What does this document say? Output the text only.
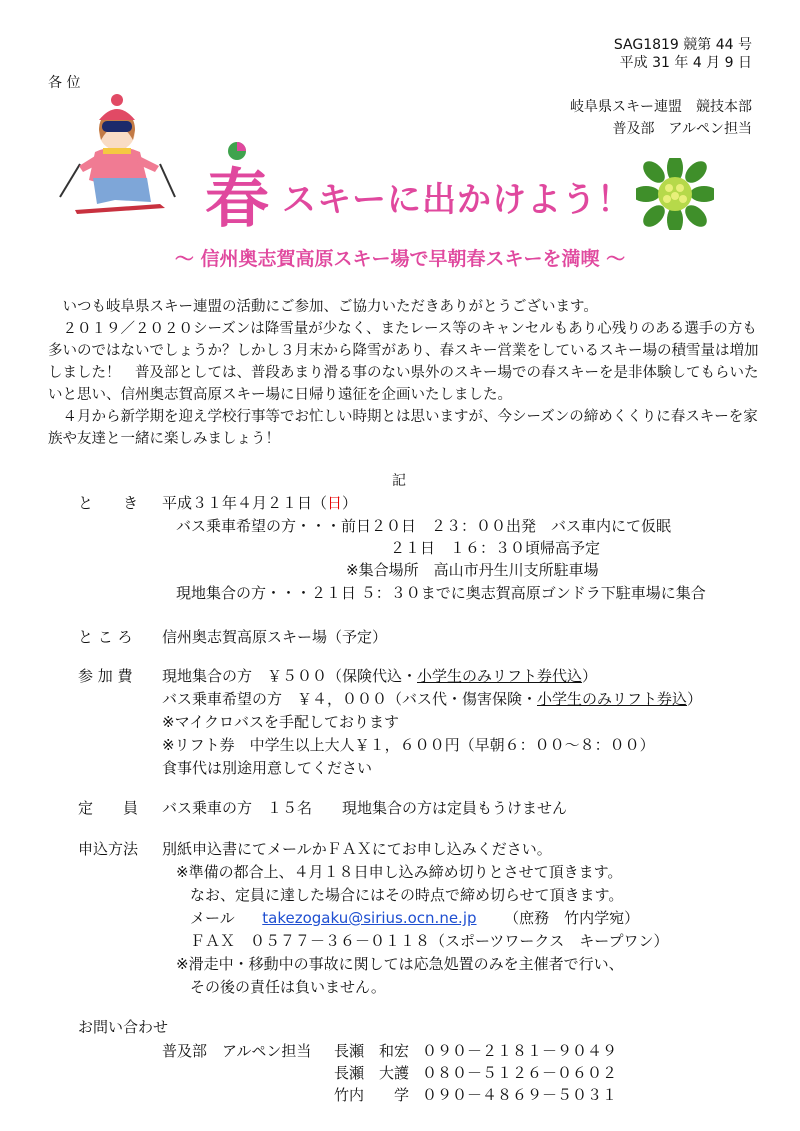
SAG1819 競第 44 号
平成 31 年 4 月 9 日
各 位
岐阜県スキー連盟　競技本部
普及部　アルペン担当
春 スキーに出かけよう！
～ 信州奥志賀高原スキー場で早朝春スキーを満喫 ～
　いつも岐阜県スキー連盟の活動にご参加、ご協力いただきありがとうございます。
　２０１９／２０２０シーズンは降雪量が少なく、またレース等のキャンセルもあり心残りのある選手の方も多いのではないでしょうか？しかし３月末から降雪があり、春スキー営業をしているスキー場の積雪量は増加しました！　普及部としては、普段あまり滑る事のない県外のスキー場での春スキーを是非体験してもらいたいと思い、信州奥志賀高原スキー場に日帰り遠征を企画いたしました。
　４月から新学期を迎え学校行事等でお忙しい時期とは思いますが、今シーズンの締めくくりに春スキーを家族や友達と一緒に楽しみましょう！
記
と　　き 平成３１年４月２１日（日）
バス乗車希望の方・・・前日２０日　２３：００出発　バス車内にて仮眠
２１日　１６：３０頃帰高予定
※集合場所　高山市丹生川支所駐車場
現地集合の方・・・２１日 ５：３０までに奥志賀高原ゴンドラ下駐車場に集合
と こ ろ 信州奥志賀高原スキー場（予定）
参 加 費 現地集合の方　￥５００（保険代込・小学生のみリフト券代込）
バス乗車希望の方　￥４，０００（バス代・傷害保険・小学生のみリフト券込）
※マイクロバスを手配しております
※リフト券　中学生以上大人￥１，６００円（早朝６：００～８：００）
食事代は別途用意してください
定　　員 バス乗車の方　１５名　　現地集合の方は定員もうけません
申込方法 別紙申込書にてメールかＦＡＸにてお申し込みください。
※準備の都合上、４月１８日申し込み締め切りとさせて頂きます。
なお、定員に達した場合にはその時点で締め切らせて頂きます。
メール takezogaku@sirius.ocn.ne.jp （庶務　竹内学宛）
ＦＡＸ　０５７７－３６－０１１８（スポーツワークス　キープワン）
※滑走中・移動中の事故に関しては応急処置のみを主催者で行い、
その後の責任は負いません。
お問い合わせ
普及部　アルペン担当 長瀬　和宏 ０９０－２１８１－９０４９
長瀬　大護 ０８０－５１２６－０６０２
竹内　　学 ０９０－４８６９－５０３１
